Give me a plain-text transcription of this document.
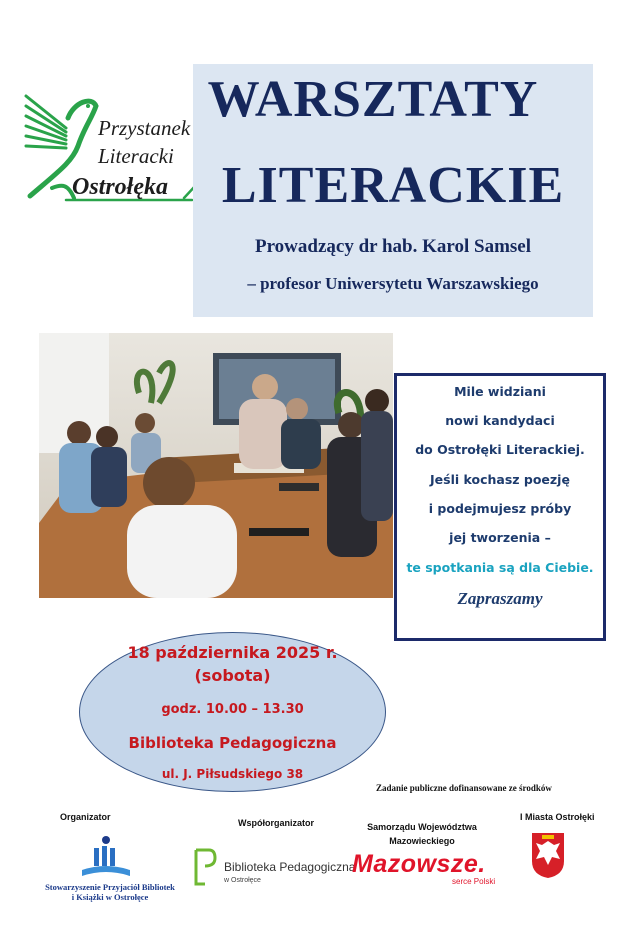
Przystanek
Literacki
Ostrołęka
WARSZTATY
LITERACKIE
Prowadzący dr hab. Karol Samsel
– profesor Uniwersytetu Warszawskiego
Mile widziani
nowi kandydaci
do Ostrołęki Literackiej.
Jeśli kochasz poezję
i podejmujesz próby
jej tworzenia –
te spotkania są dla Ciebie.
Zapraszamy
18 października 2025 r.
(sobota)
godz. 10.00 – 13.30
Biblioteka Pedagogiczna
ul. J. Piłsudskiego 38
Zadanie publiczne dofinansowane ze środków
Organizator
Współorganizator	Samorządu Województwa
Mazowieckiego
I Miasta Ostrołęki
Stowarzyszenie Przyjaciół Bibliotek
i Książki w Ostrołęce
Biblioteka Pedagogiczna
w Ostrołęce
Mazowsze.
serce Polski
